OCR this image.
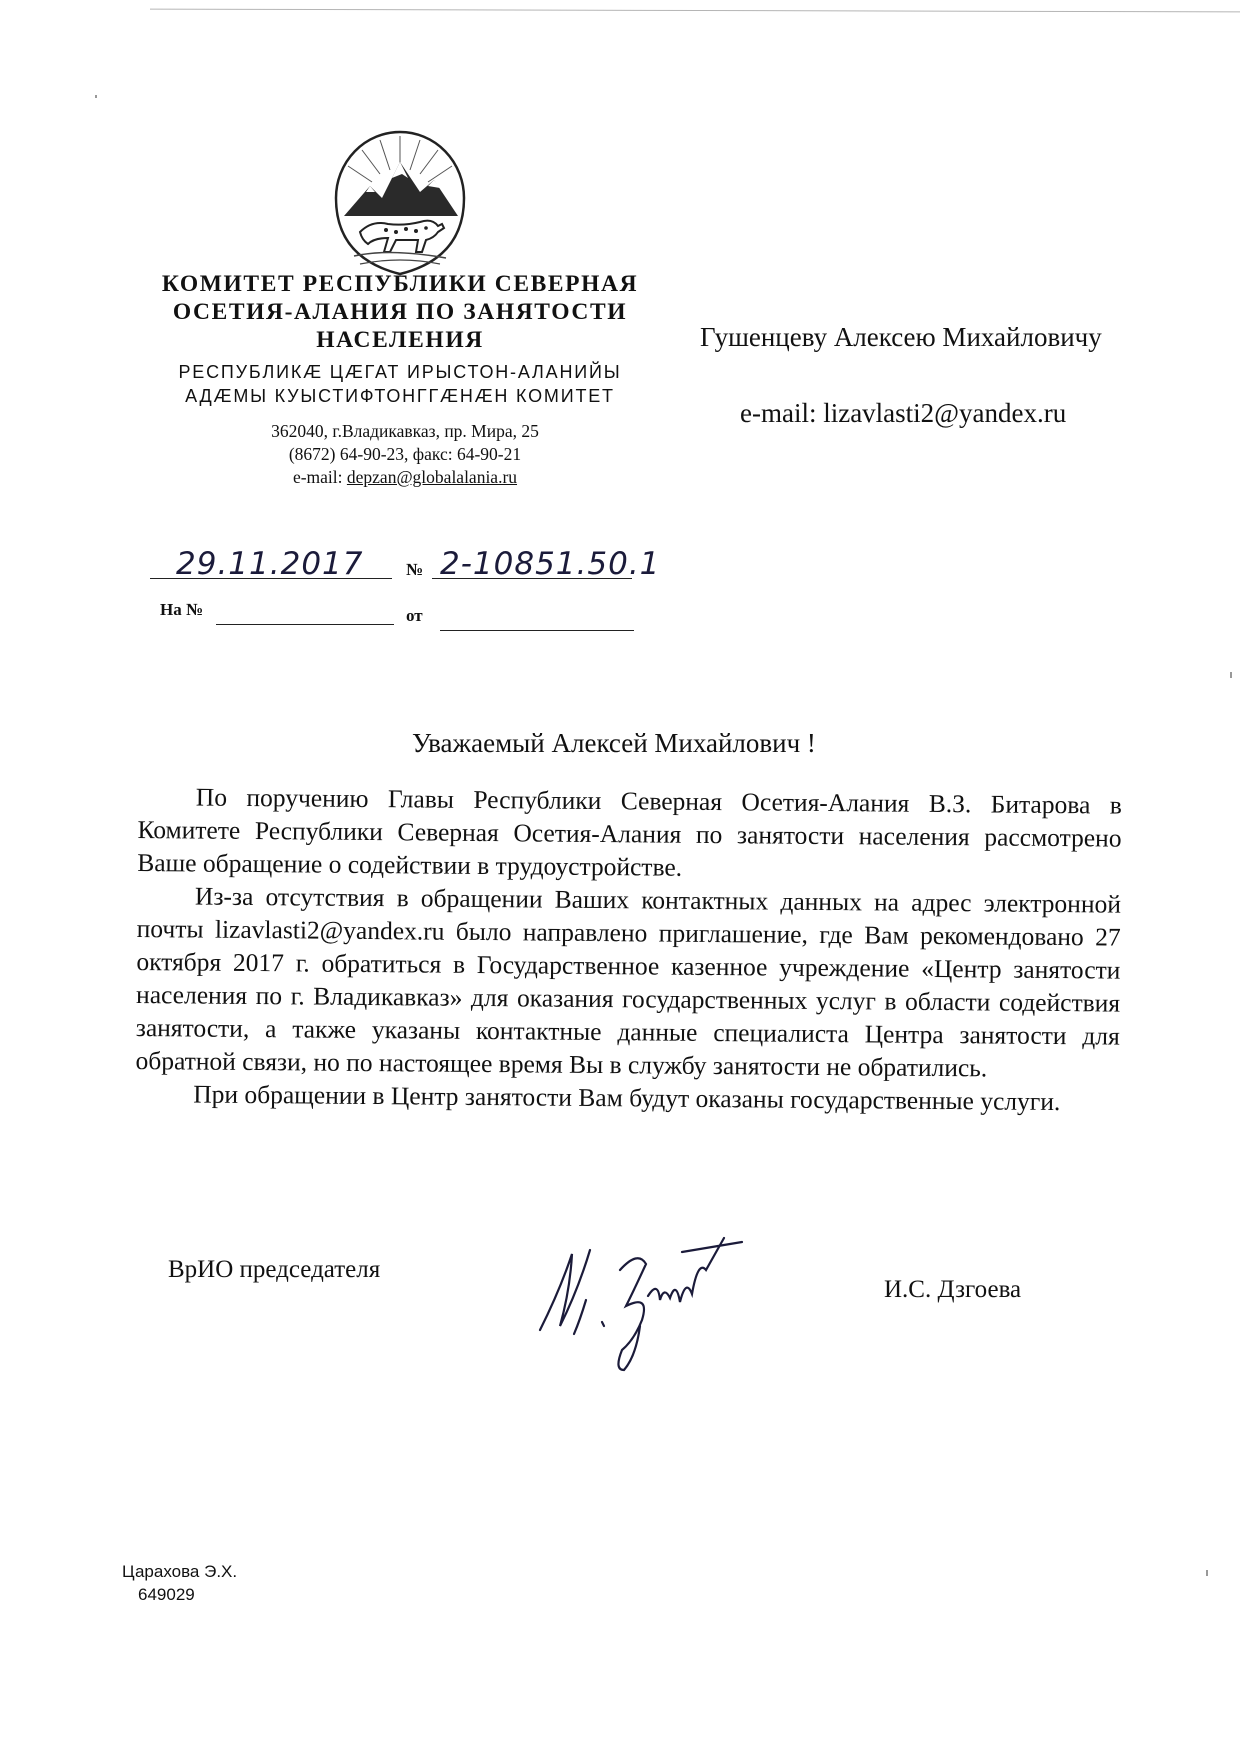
КОМИТЕТ РЕСПУБЛИКИ СЕВЕРНАЯ
ОСЕТИЯ-АЛАНИЯ ПО ЗАНЯТОСТИ
НАСЕЛЕНИЯ
РЕСПУБЛИКӔ ЦӔГАТ ИРЫСТОН-АЛАНИЙЫ
АДӔМЫ КУЫСТИФТОНГГӔНӔН КОМИТЕТ
362040, г.Владикавказ, пр. Мира, 25
(8672) 64-90-23, факс: 64-90-21
e-mail: depzan@globalalania.ru
Гушенцеву Алексею Михайловичу
e-mail: lizavlasti2@yandex.ru
29.11.2017	№ 2-10851.50.1
На №	от
Уважаемый Алексей Михайлович !

По поручению Главы Республики Северная Осетия-Алания В.З. Битарова в Комитете Республики Северная Осетия-Алания по занятости населения рассмотрено Ваше обращение о содействии в трудоустройстве.

Из-за отсутствия в обращении Ваших контактных данных на адрес электронной почты lizavlasti2@yandex.ru было направлено приглашение, где Вам рекомендовано 27 октября 2017 г. обратиться в Государственное казенное учреждение «Центр занятости населения по г. Владикавказ» для оказания государственных услуг в области содействия занятости, а также указаны контактные данные специалиста Центра занятости для обратной связи, но по настоящее время Вы в службу занятости не обратились.

При обращении в Центр занятости Вам будут оказаны государственные услуги.

ВрИО председателя
И.С. Дзгоева
Царахова Э.Х.
649029
